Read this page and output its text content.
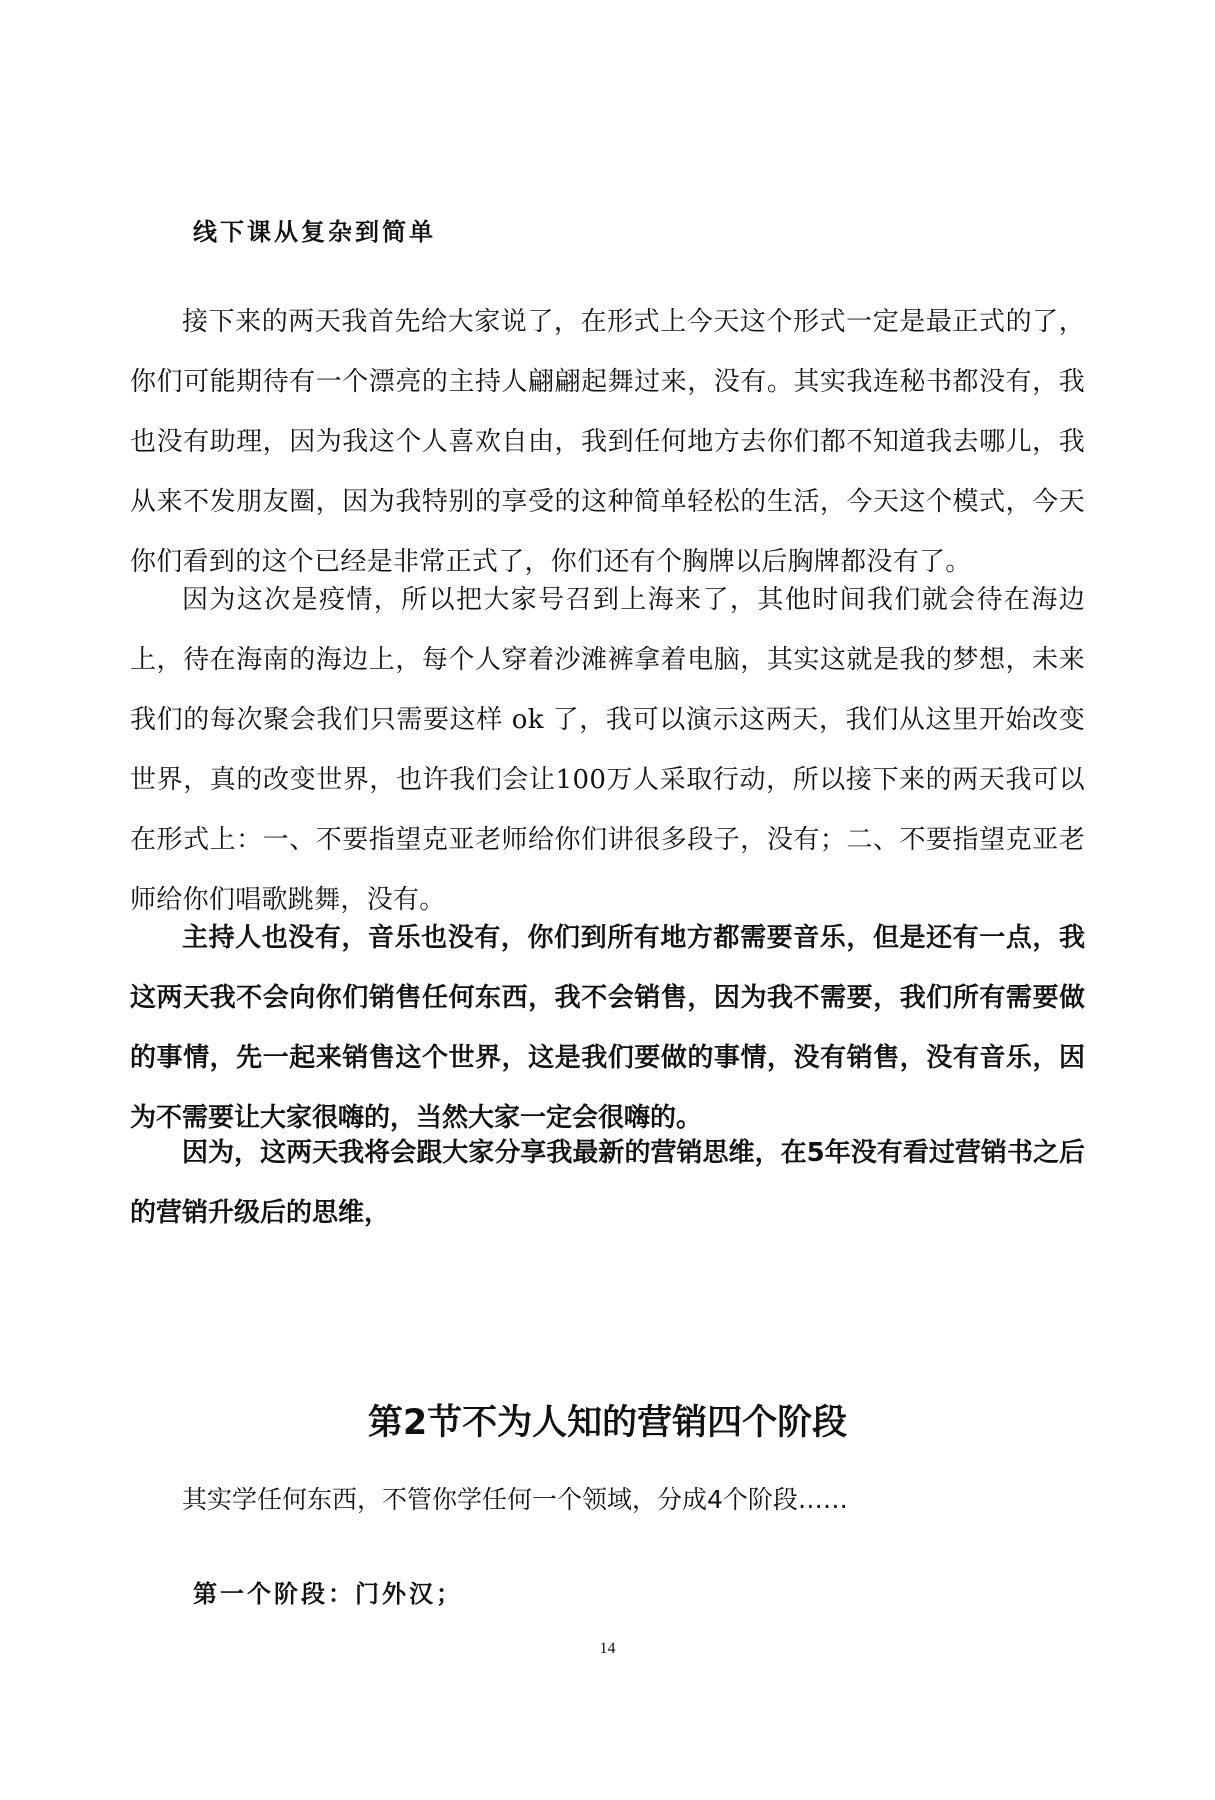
线下课从复杂到简单

接下来的两天我首先给大家说了，在形式上今天这个形式一定是最正式的了，你们可能期待有一个漂亮的主持人翩翩起舞过来，没有。其实我连秘书都没有，我也没有助理，因为我这个人喜欢自由，我到任何地方去你们都不知道我去哪儿，我从来不发朋友圈，因为我特别的享受的这种简单轻松的生活，今天这个模式，今天你们看到的这个已经是非常正式了，你们还有个胸牌以后胸牌都没有了。

因为这次是疫情，所以把大家号召到上海来了，其他时间我们就会待在海边上，待在海南的海边上，每个人穿着沙滩裤拿着电脑，其实这就是我的梦想，未来我们的每次聚会我们只需要这样 ok 了，我可以演示这两天，我们从这里开始改变世界，真的改变世界，也许我们会让100万人采取行动，所以接下来的两天我可以在形式上：一、不要指望克亚老师给你们讲很多段子，没有；二、不要指望克亚老师给你们唱歌跳舞，没有。

主持人也没有，音乐也没有，你们到所有地方都需要音乐，但是还有一点，我这两天我不会向你们销售任何东西，我不会销售，因为我不需要，我们所有需要做的事情，先一起来销售这个世界，这是我们要做的事情，没有销售，没有音乐，因为不需要让大家很嗨的，当然大家一定会很嗨的。

因为，这两天我将会跟大家分享我最新的营销思维，在5年没有看过营销书之后的营销升级后的思维，

第2节不为人知的营销四个阶段

其实学任何东西，不管你学任何一个领域，分成4个阶段……

第一个阶段：门外汉；
14
